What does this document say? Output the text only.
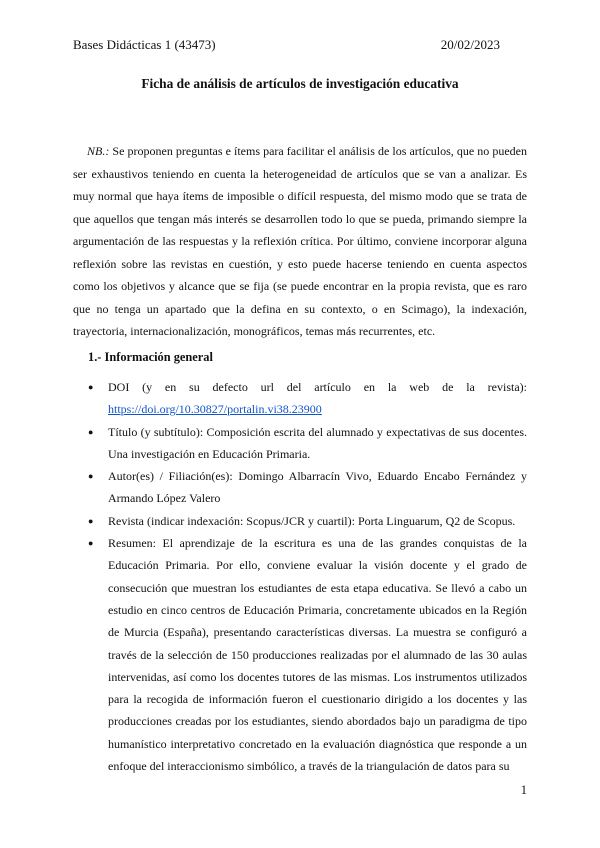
Bases Didácticas 1 (43473)	20/02/2023
Ficha de análisis de artículos de investigación educativa

NB.: Se proponen preguntas e ítems para facilitar el análisis de los artículos, que no pueden ser exhaustivos teniendo en cuenta la heterogeneidad de artículos que se van a analizar. Es muy normal que haya ítems de imposible o difícil respuesta, del mismo modo que se trata de que aquellos que tengan más interés se desarrollen todo lo que se pueda, primando siempre la argumentación de las respuestas y la reflexión crítica. Por último, conviene incorporar alguna reflexión sobre las revistas en cuestión, y esto puede hacerse teniendo en cuenta aspectos como los objetivos y alcance que se fija (se puede encontrar en la propia revista, que es raro que no tenga un apartado que la defina en su contexto, o en Scimago), la indexación, trayectoria, internacionalización, monográficos, temas más recurrentes, etc.

1.- Información general
● DOI (y en su defecto url del artículo en la web de la revista): https://doi.org/10.30827/portalin.vi38.23900
● Título (y subtítulo): Composición escrita del alumnado y expectativas de sus docentes. Una investigación en Educación Primaria.
● Autor(es) / Filiación(es): Domingo Albarracín Vivo, Eduardo Encabo Fernández y Armando López Valero
● Revista (indicar indexación: Scopus/JCR y cuartil): Porta Linguarum, Q2 de Scopus.
● Resumen: El aprendizaje de la escritura es una de las grandes conquistas de la Educación Primaria. Por ello, conviene evaluar la visión docente y el grado de consecución que muestran los estudiantes de esta etapa educativa. Se llevó a cabo un estudio en cinco centros de Educación Primaria, concretamente ubicados en la Región de Murcia (España), presentando características diversas. La muestra se configuró a través de la selección de 150 producciones realizadas por el alumnado de las 30 aulas intervenidas, así como los docentes tutores de las mismas. Los instrumentos utilizados para la recogida de información fueron el cuestionario dirigido a los docentes y las producciones creadas por los estudiantes, siendo abordados bajo un paradigma de tipo humanístico interpretativo concretado en la evaluación diagnóstica que responde a un enfoque del interaccionismo simbólico, a través de la triangulación de datos para su
1
